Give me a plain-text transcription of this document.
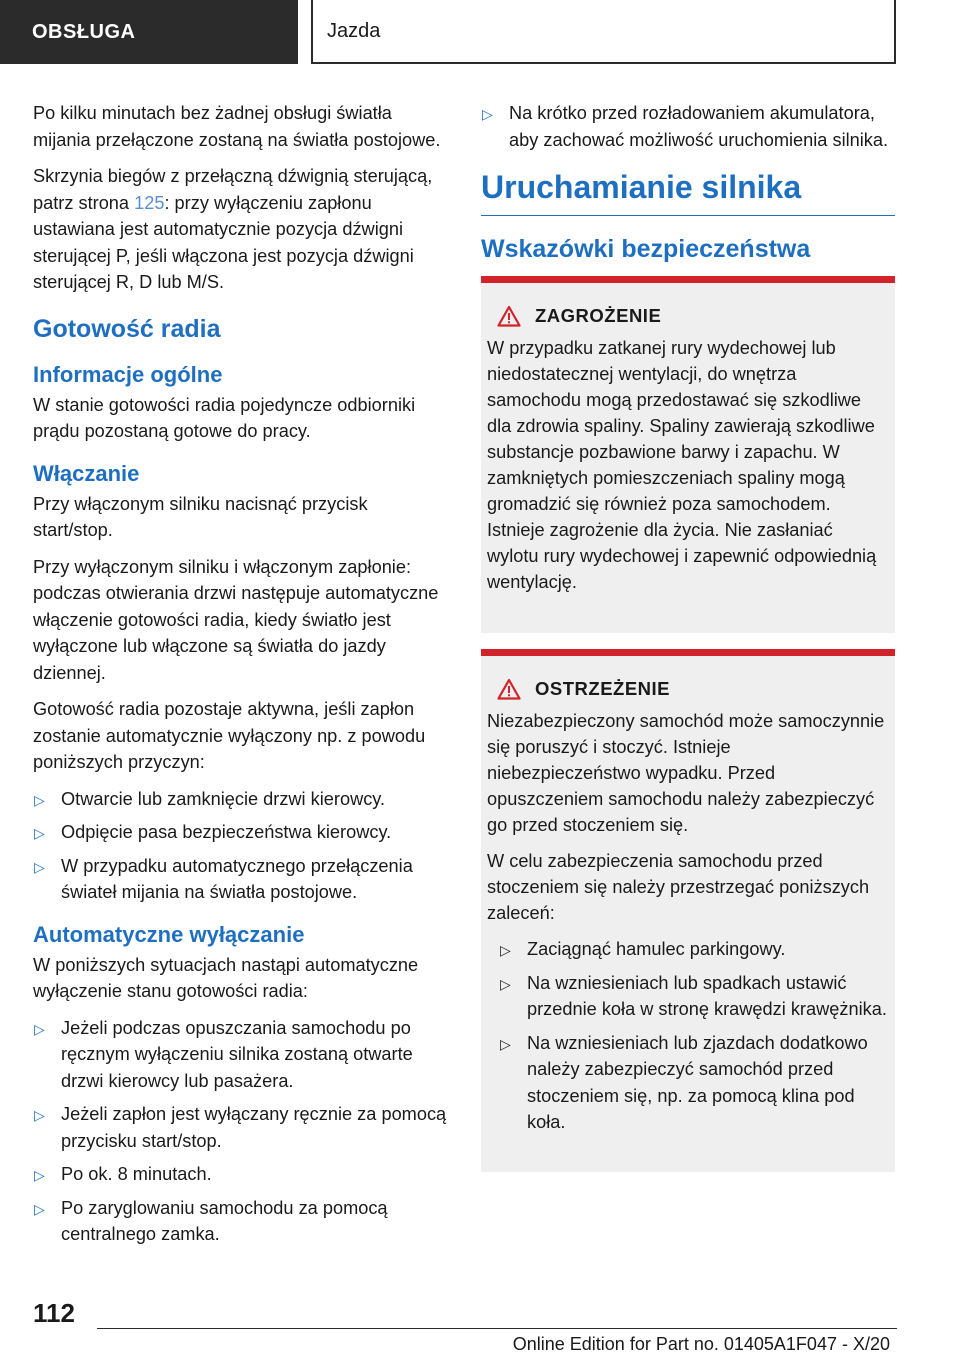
OBSŁUGA	Jazda

Po kilku minutach bez żadnej obsługi światła mijania przełączone zostaną na światła postojowe.

Skrzynia biegów z przełączną dźwignią sterującą, patrz strona 125: przy wyłączeniu zapłonu ustawiana jest automatycznie pozycja dźwigni sterującej P, jeśli włączona jest pozycja dźwigni sterującej R, D lub M/S.

Gotowość radia
Informacje ogólne

W stanie gotowości radia pojedyncze odbiorniki prądu pozostaną gotowe do pracy.

Włączanie

Przy włączonym silniku nacisnąć przycisk start/stop.

Przy wyłączonym silniku i włączonym zapłonie: podczas otwierania drzwi następuje automatyczne włączenie gotowości radia, kiedy światło jest wyłączone lub włączone są światła do jazdy dziennej.

Gotowość radia pozostaje aktywna, jeśli zapłon zostanie automatycznie wyłączony np. z powodu poniższych przyczyn:

▷ Otwarcie lub zamknięcie drzwi kierowcy.
▷ Odpięcie pasa bezpieczeństwa kierowcy.
▷ W przypadku automatycznego przełączenia świateł mijania na światła postojowe.
Automatyczne wyłączanie

W poniższych sytuacjach nastąpi automatyczne wyłączenie stanu gotowości radia:

▷ Jeżeli podczas opuszczania samochodu po ręcznym wyłączeniu silnika zostaną otwarte drzwi kierowcy lub pasażera.
▷ Jeżeli zapłon jest wyłączany ręcznie za pomocą przycisku start/stop.
▷ Po ok. 8 minutach.
▷ Po zaryglowaniu samochodu za pomocą centralnego zamka.
▷ Na krótko przed rozładowaniem akumulatora, aby zachować możliwość uruchomienia silnika.
Uruchamianie silnika
Wskazówki bezpieczeństwa
ZAGROŻENIE

W przypadku zatkanej rury wydechowej lub niedostatecznej wentylacji, do wnętrza samochodu mogą przedostawać się szkodliwe dla zdrowia spaliny. Spaliny zawierają szkodliwe substancje pozbawione barwy i zapachu. W zamkniętych pomieszczeniach spaliny mogą gromadzić się również poza samochodem. Istnieje zagrożenie dla życia. Nie zasłaniać wylotu rury wydechowej i zapewnić odpowiednią wentylację.

OSTRZEŻENIE

Niezabezpieczony samochód może samoczynnie się poruszyć i stoczyć. Istnieje niebezpieczeństwo wypadku. Przed opuszczeniem samochodu należy zabezpieczyć go przed stoczeniem się.

W celu zabezpieczenia samochodu przed stoczeniem się należy przestrzegać poniższych zaleceń:

▷ Zaciągnąć hamulec parkingowy.
▷ Na wzniesieniach lub spadkach ustawić przednie koła w stronę krawędzi krawężnika.
▷ Na wzniesieniach lub zjazdach dodatkowo należy zabezpieczyć samochód przed stoczeniem się, np. za pomocą klina pod koła.
112
Online Edition for Part no. 01405A1F047 - X/20
